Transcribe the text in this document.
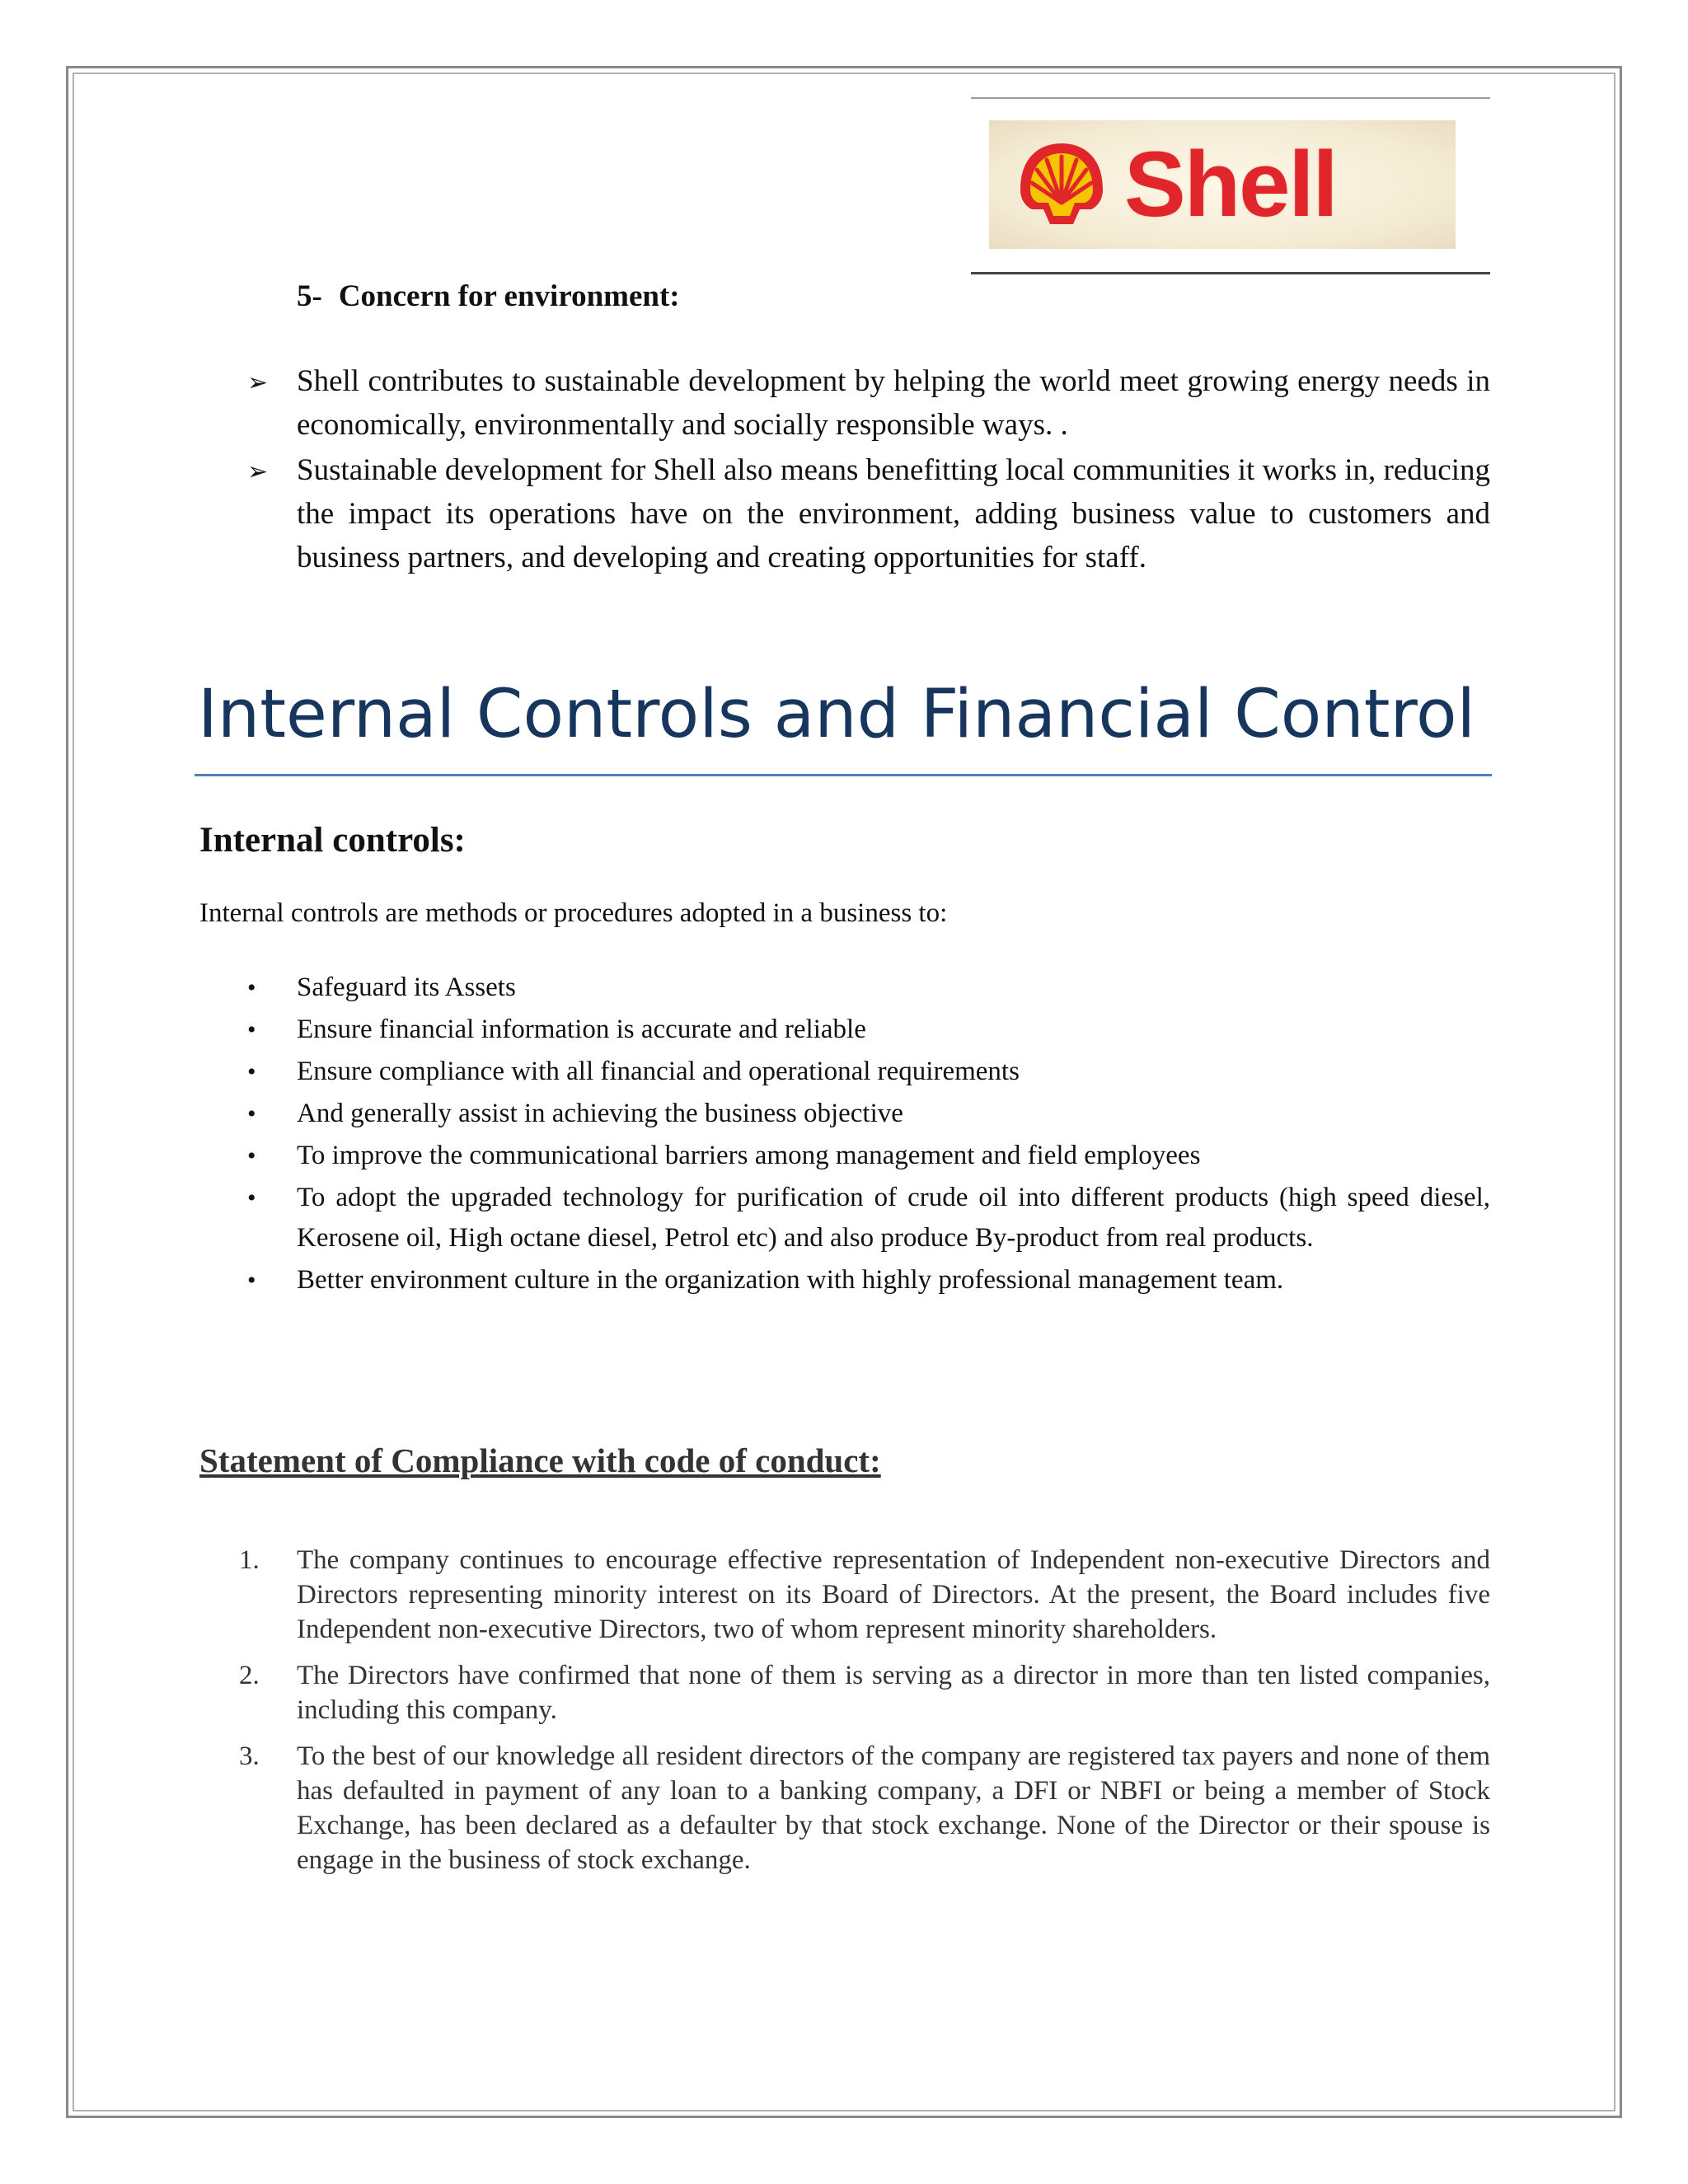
Shell
5- Concern for environment:
➢ Shell contributes to sustainable development by helping the world meet growing energy needs in economically, environmentally and socially responsible ways. .
➢ Sustainable development for Shell also means benefitting local communities it works in, reducing the impact its operations have on the environment, adding business value to customers and business partners, and developing and creating opportunities for staff.
Internal Controls and Financial Control
Internal controls:
Internal controls are methods or procedures adopted in a business to:
•	Safeguard its Assets
•	Ensure financial information is accurate and reliable
•	Ensure compliance with all financial and operational requirements
•	And generally assist in achieving the business objective
•	To improve the communicational barriers among management and field employees
•	To adopt the upgraded technology for purification of crude oil into different products (high speed diesel, Kerosene oil, High octane diesel, Petrol etc) and also produce By-product from real products.
•	Better environment culture in the organization with highly professional management team.
Statement of Compliance with code of conduct:
1.	The company continues to encourage effective representation of Independent non-executive Directors and Directors representing minority interest on its Board of Directors. At the present, the Board includes five Independent non-executive Directors, two of whom represent minority shareholders.
2.	The Directors have confirmed that none of them is serving as a director in more than ten listed companies, including this company.
3.	To the best of our knowledge all resident directors of the company are registered tax payers and none of them has defaulted in payment of any loan to a banking company, a DFI or NBFI or being a member of Stock Exchange, has been declared as a defaulter by that stock exchange. None of the Director or their spouse is engage in the business of stock exchange.
